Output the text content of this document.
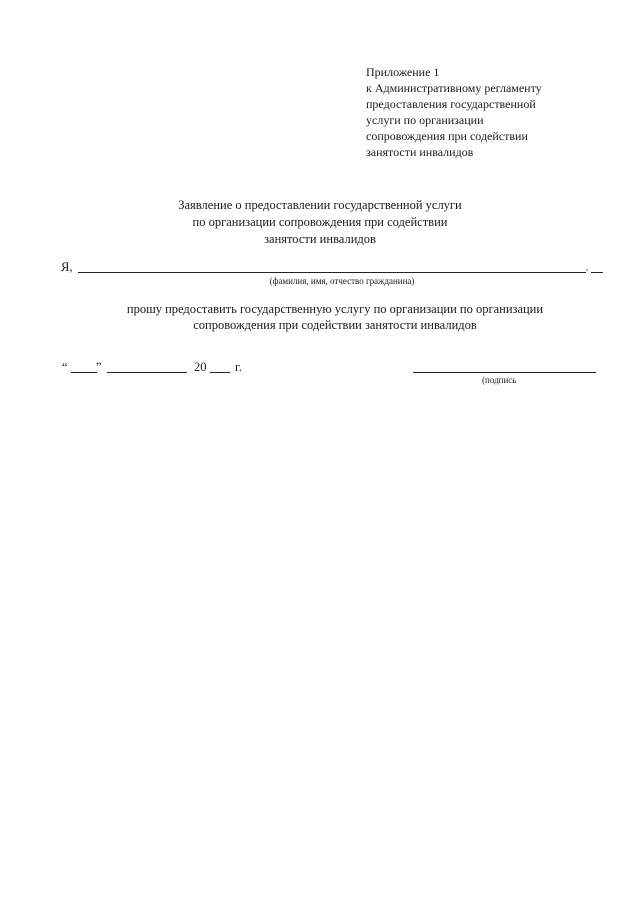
Приложение 1
к Административному регламенту
предоставления государственной
услуги по организации
сопровождения при содействии
занятости инвалидов
Заявление о предоставлении государственной услуги
по организации сопровождения при содействии
занятости инвалидов
Я,	,
(фамилия, имя, отчество гражданина)
прошу предоставить государственную услугу по организации по организации
сопровождения при содействии занятости инвалидов
“ ”	20 г.
(подпись
